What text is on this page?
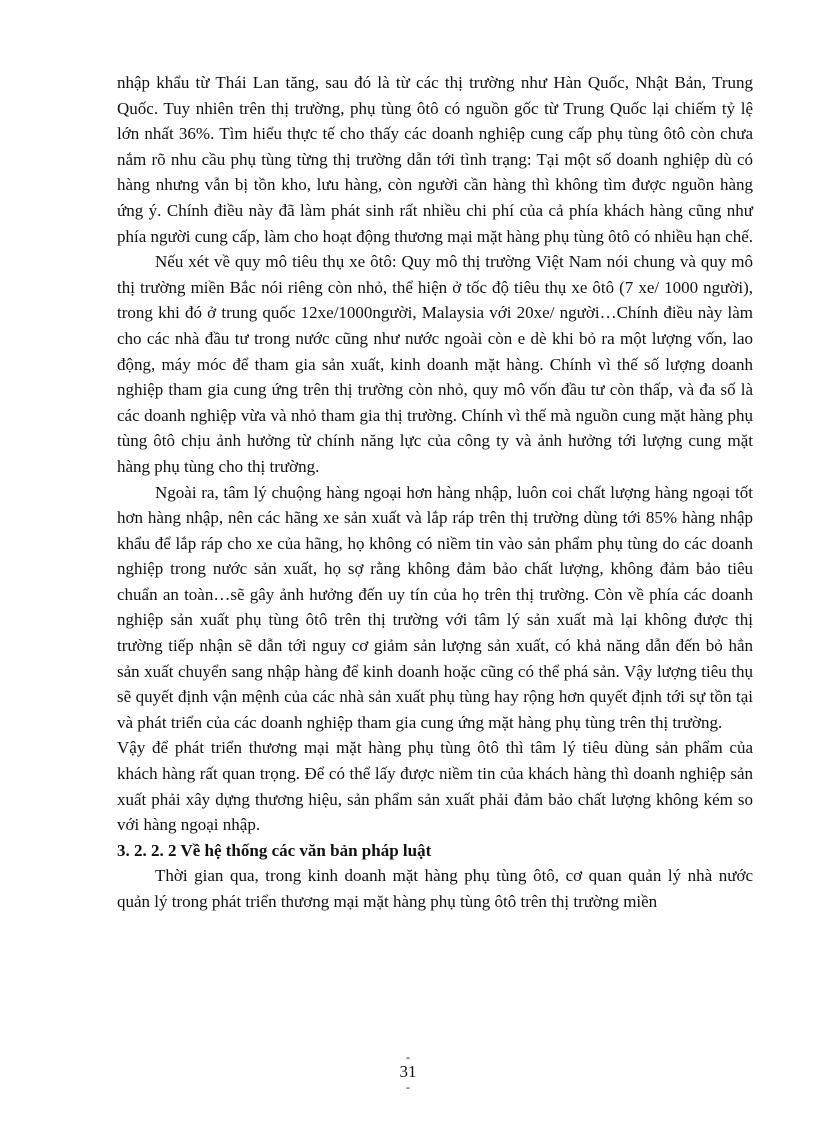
nhập khẩu từ Thái Lan tăng, sau đó là từ các thị trường như Hàn Quốc, Nhật Bản, Trung Quốc. Tuy nhiên trên thị trường, phụ tùng ôtô có nguồn gốc từ Trung Quốc lại chiếm tỷ lệ lớn nhất 36%. Tìm hiểu thực tế cho thấy các doanh nghiệp cung cấp phụ tùng ôtô còn chưa nắm rõ nhu cầu phụ tùng từng thị trường dẫn tới tình trạng: Tại một số doanh nghiệp dù có hàng nhưng vẫn bị tồn kho, lưu hàng, còn người cần hàng thì không tìm được nguồn hàng ứng ý. Chính điều này đã làm phát sinh rất nhiều chi phí của cả phía khách hàng cũng như phía người cung cấp, làm cho hoạt động thương mại mặt hàng phụ tùng ôtô có nhiều hạn chế.

Nếu xét về quy mô tiêu thụ xe ôtô: Quy mô thị trường Việt Nam nói chung và quy mô thị trường miền Bắc nói riêng còn nhỏ, thể hiện ở tốc độ tiêu thụ xe ôtô (7 xe/ 1000 người), trong khi đó ở trung quốc 12xe/1000người, Malaysia với 20xe/ người…Chính điều này làm cho các nhà đầu tư trong nước cũng như nước ngoài còn e dè khi bỏ ra một lượng vốn, lao động, máy móc để tham gia sản xuất, kinh doanh mặt hàng. Chính vì thế số lượng doanh nghiệp tham gia cung ứng trên thị trường còn nhỏ, quy mô vốn đầu tư còn thấp, và đa số là các doanh nghiệp vừa và nhỏ tham gia thị trường. Chính vì thế mà nguồn cung mặt hàng phụ tùng ôtô chịu ảnh hưởng từ chính năng lực của công ty và ảnh hưởng tới lượng cung mặt hàng phụ tùng cho thị trường.

Ngoài ra, tâm lý chuộng hàng ngoại hơn hàng nhập, luôn coi chất lượng hàng ngoại tốt hơn hàng nhập, nên các hãng xe sản xuất và lắp ráp trên thị trường dùng tới 85% hàng nhập khẩu để lắp ráp cho xe của hãng, họ không có niềm tin vào sản phẩm phụ tùng do các doanh nghiệp trong nước sản xuất, họ sợ rằng không đảm bảo chất lượng, không đảm bảo tiêu chuẩn an toàn…sẽ gây ảnh hưởng đến uy tín của họ trên thị trường. Còn về phía các doanh nghiệp sản xuất phụ tùng ôtô trên thị trường với tâm lý sản xuất mà lại không được thị trường tiếp nhận sẽ dẫn tới nguy cơ giảm sản lượng sản xuất, có khả năng dẫn đến bỏ hẳn sản xuất chuyển sang nhập hàng để kinh doanh hoặc cũng có thể phá sản. Vậy lượng tiêu thụ sẽ quyết định vận mệnh của các nhà sản xuất phụ tùng hay rộng hơn quyết định tới sự tồn tại và phát triển của các doanh nghiệp tham gia cung ứng mặt hàng phụ tùng trên thị trường.

Vậy để phát triển thương mại mặt hàng phụ tùng ôtô thì tâm lý tiêu dùng sản phẩm của khách hàng rất quan trọng. Để có thể lấy được niềm tin của khách hàng thì doanh nghiệp sản xuất phải xây dựng thương hiệu, sản phẩm sản xuất phải đảm bảo chất lượng không kém so với hàng ngoại nhập.

3. 2. 2. 2 Về hệ thống các văn bản pháp luật

Thời gian qua, trong kinh doanh mặt hàng phụ tùng ôtô, cơ quan quản lý nhà nước quản lý trong phát triển thương mại mặt hàng phụ tùng ôtô trên thị trường miền

-
31
-
